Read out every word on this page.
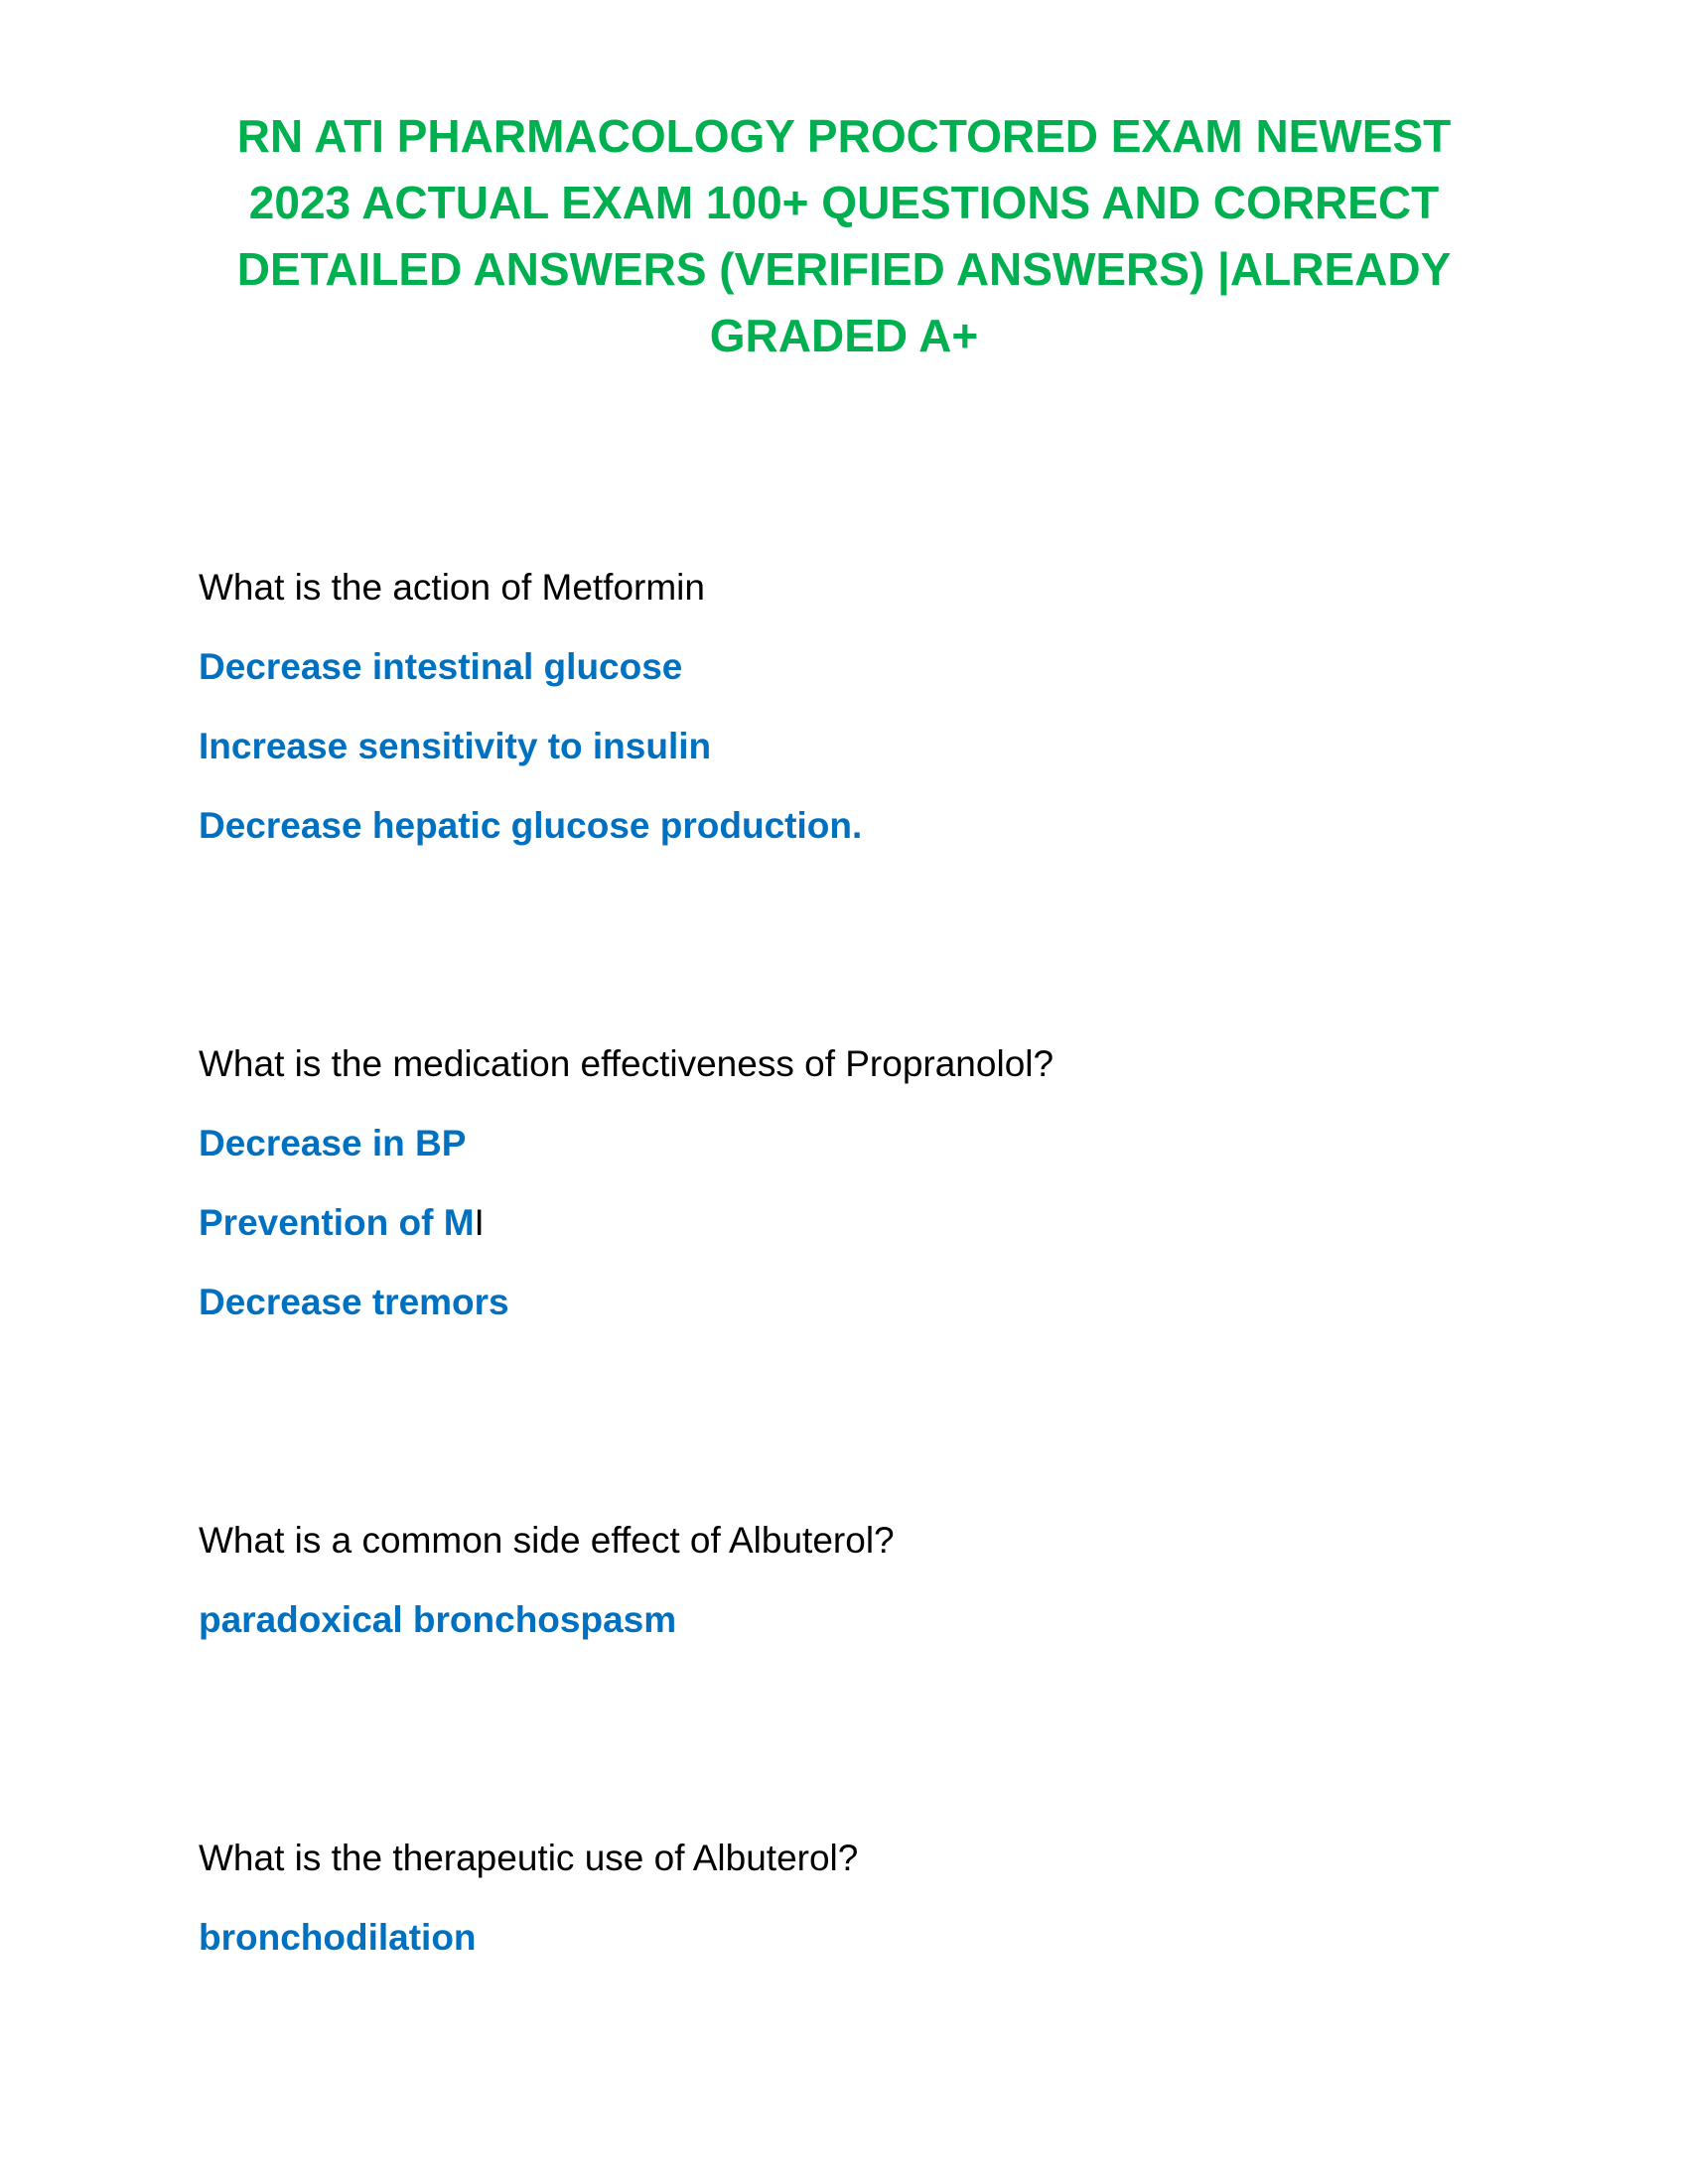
RN ATI PHARMACOLOGY PROCTORED EXAM NEWEST 2023 ACTUAL EXAM 100+ QUESTIONS AND CORRECT DETAILED ANSWERS (VERIFIED ANSWERS) |ALREADY GRADED A+
What is the action of Metformin
Decrease intestinal glucose
Increase sensitivity to insulin
Decrease hepatic glucose production.
What is the medication effectiveness of Propranolol?
Decrease in BP
Prevention of MI
Decrease tremors
What is a common side effect of Albuterol?
paradoxical bronchospasm
What is the therapeutic use of Albuterol?
bronchodilation
